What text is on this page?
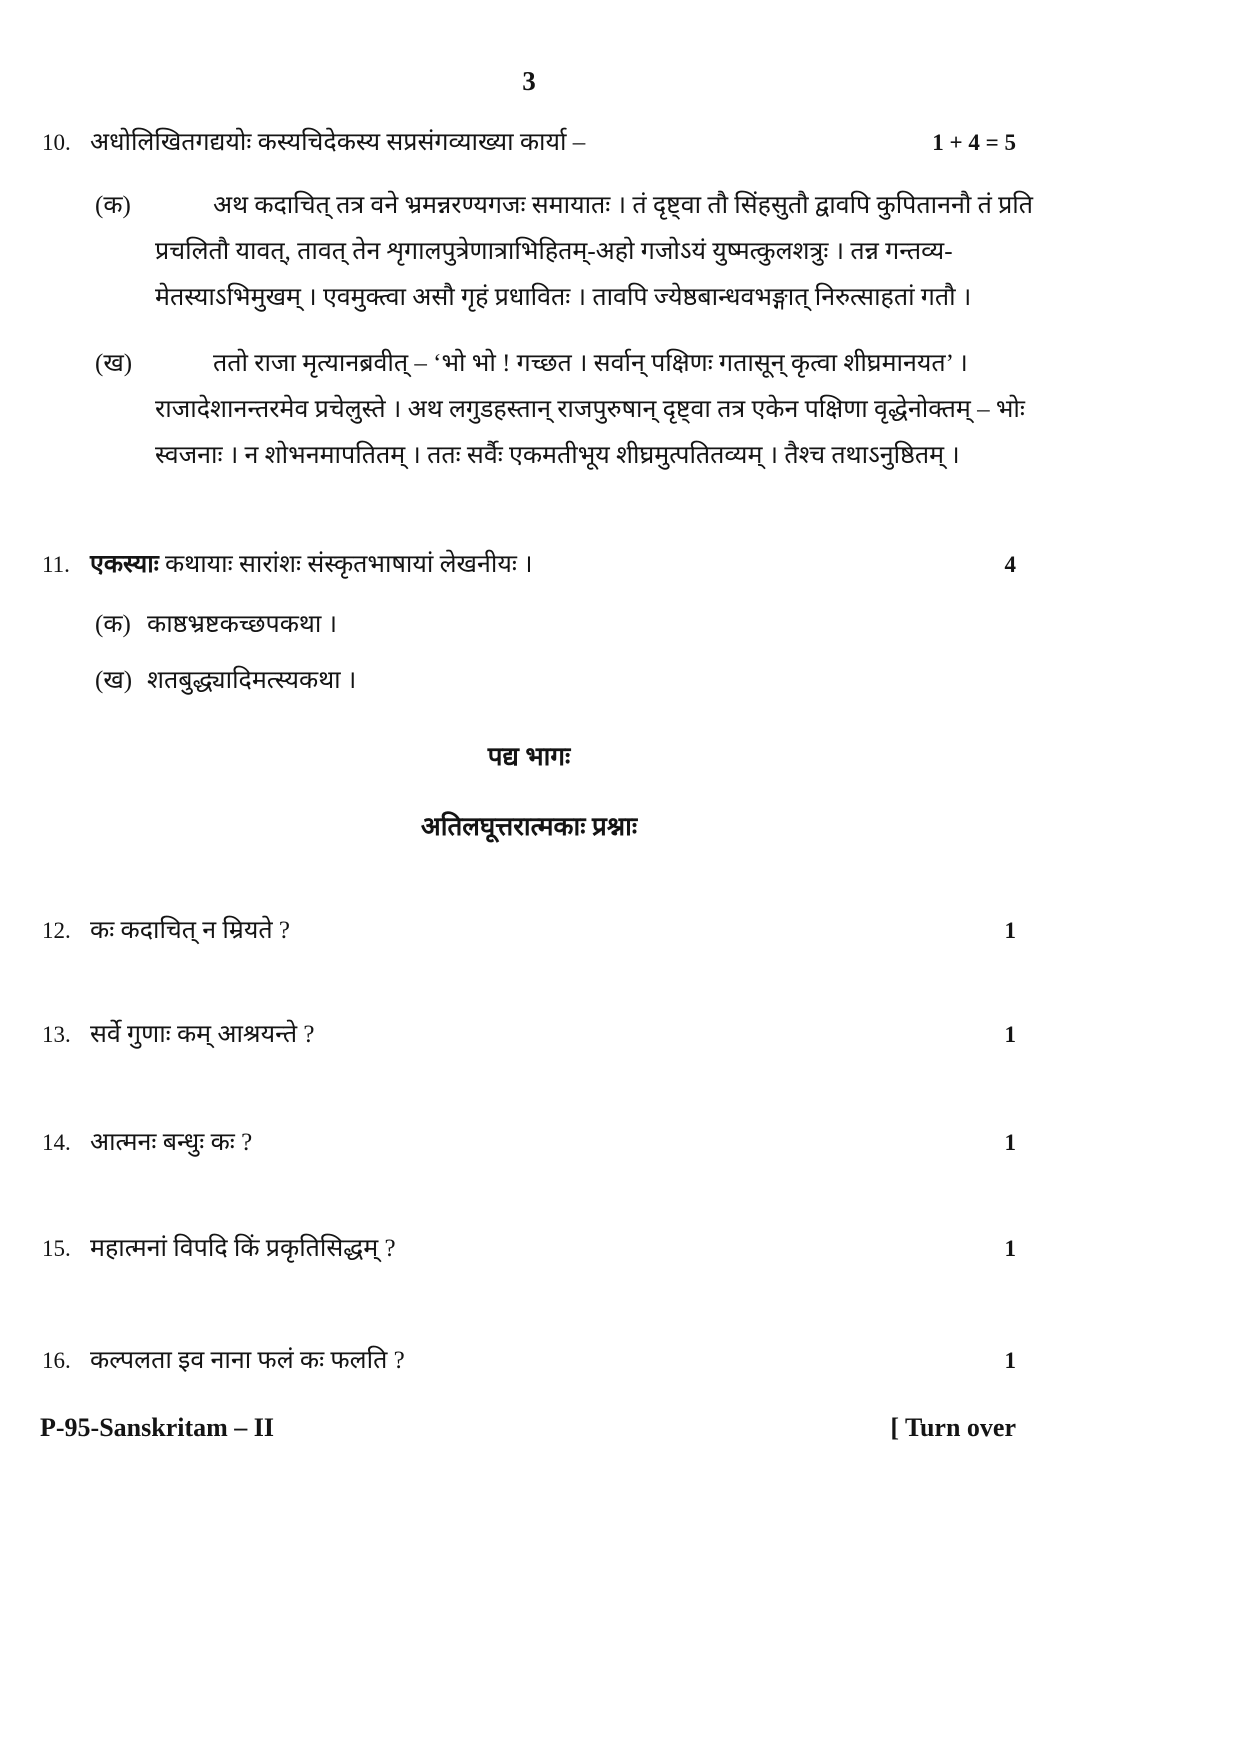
3
10. अधोलिखितगद्ययोः कस्यचिदेकस्य सप्रसंगव्याख्या कार्या –	1 + 4 = 5
(क)	अथ कदाचित् तत्र वने भ्रमन्नरण्यगजः समायातः । तं दृष्ट्वा तौ सिंहसुतौ द्वावपि कुपिताननौ तं प्रति
प्रचलितौ यावत्, तावत् तेन शृगालपुत्रेणात्राभिहितम्-अहो गजोऽयं युष्मत्कुलशत्रुः । तन्न गन्तव्य-
मेतस्याऽभिमुखम् । एवमुक्त्वा असौ गृहं प्रधावितः । तावपि ज्येष्ठबान्धवभङ्गात् निरुत्साहतां गतौ ।
(ख)	ततो राजा मृत्यानब्रवीत् – ‘भो भो ! गच्छत । सर्वान् पक्षिणः गतासून् कृत्वा शीघ्रमानयत’ ।
राजादेशानन्तरमेव प्रचेलुस्ते । अथ लगुडहस्तान् राजपुरुषान् दृष्ट्वा तत्र एकेन पक्षिणा वृद्धेनोक्तम् – भोः
स्वजनाः । न शोभनमापतितम् । ततः सर्वैः एकमतीभूय शीघ्रमुत्पतितव्यम् । तैश्च तथाऽनुष्ठितम् ।
11. एकस्याः कथायाः सारांशः संस्कृतभाषायां लेखनीयः ।	4
(क) काष्ठभ्रष्टकच्छपकथा ।
(ख) शतबुद्ध्यादिमत्स्यकथा ।
पद्य भागः
अतिलघूत्तरात्मकाः प्रश्नाः
12. कः कदाचित् न म्रियते ?	1
13. सर्वे गुणाः कम् आश्रयन्ते ?	1
14. आत्मनः बन्धुः कः ?	1
15. महात्मनां विपदि किं प्रकृतिसिद्धम् ?	1
16. कल्पलता इव नाना फलं कः फलति ?	1
P-95-Sanskritam – II	[ Turn over
